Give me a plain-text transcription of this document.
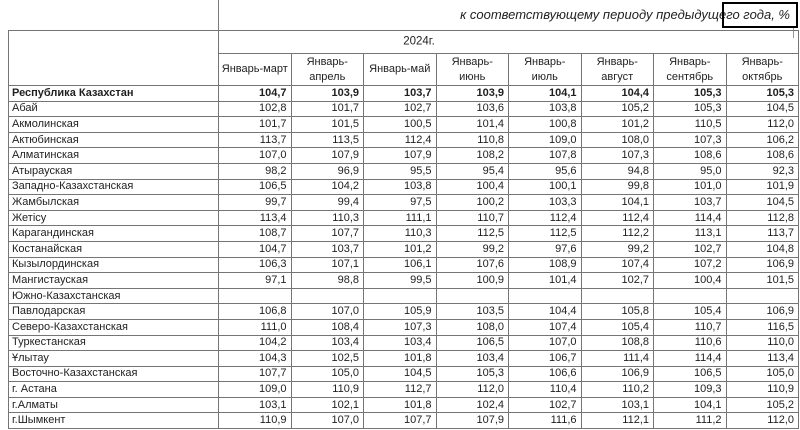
к соответствующему периоду предыдущего года, %

	2024г.							

	Январь-март	Январь-апрель	Январь-май	Январь-июнь	Январь-июль	Январь-август	Январь-сентябрь	Январь-октябрь
Республика Казахстан	104,7	103,9	103,7	103,9	104,1	104,4	105,3	105,3
Абай	102,8	101,7	102,7	103,6	103,8	105,2	105,3	104,5
Акмолинская	101,7	101,5	100,5	101,4	100,8	101,2	110,5	112,0
Актюбинская	113,7	113,5	112,4	110,8	109,0	108,0	107,3	106,2
Алматинская	107,0	107,9	107,9	108,2	107,8	107,3	108,6	108,6
Атырауская	98,2	96,9	95,5	95,4	95,6	94,8	95,0	92,3
Западно-Казахстанская	106,5	104,2	103,8	100,4	100,1	99,8	101,0	101,9
Жамбылская	99,7	99,4	97,5	100,2	103,3	104,1	103,7	104,5
Жетісу	113,4	110,3	111,1	110,7	112,4	112,4	114,4	112,8
Карагандинская	108,7	107,7	110,3	112,5	112,5	112,2	113,1	113,7
Костанайская	104,7	103,7	101,2	99,2	97,6	99,2	102,7	104,8
Кызылординская	106,3	107,1	106,1	107,6	108,9	107,4	107,2	106,9
Мангистауская	97,1	98,8	99,5	100,9	101,4	102,7	100,4	101,5
Южно-Казахстанская								
Павлодарская	106,8	107,0	105,9	103,5	104,4	105,8	105,4	106,9
Северо-Казахстанская	111,0	108,4	107,3	108,0	107,4	105,4	110,7	116,5
Туркестанская	104,2	103,4	103,4	106,5	107,0	108,8	110,6	110,0
Ұлытау	104,3	102,5	101,8	103,4	106,7	111,4	114,4	113,4
Восточно-Казахстанская	107,7	105,0	104,5	105,3	106,6	106,9	106,5	105,0
г. Астана	109,0	110,9	112,7	112,0	110,4	110,2	109,3	110,9
г.Алматы	103,1	102,1	101,8	102,4	102,7	103,1	104,1	105,2
г.Шымкент	110,9	107,0	107,7	107,9	111,6	112,1	111,2	112,0
